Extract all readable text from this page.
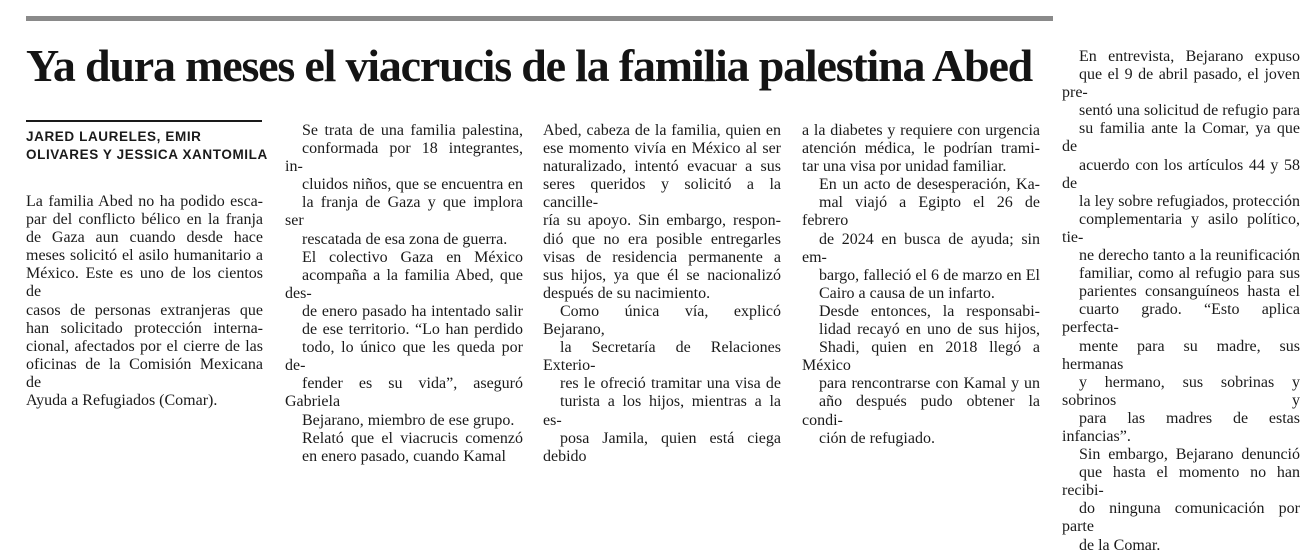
Ya dura meses el viacrucis de la familia palestina Abed
JARED LAURELES, EMIR
OLIVARES Y JESSICA XANTOMILA

La familia Abed no ha podido esca-
par del conflicto bélico en la franja
de Gaza aun cuando desde hace
meses solicitó el asilo humanitario a
México. Este es uno de los cientos de
casos de personas extranjeras que
han solicitado protección interna-
cional, afectados por el cierre de las
oficinas de la Comisión Mexicana de
Ayuda a Refugiados (Comar).

Se trata de una familia palestina,
conformada por 18 integrantes, in-
cluidos niños, que se encuentra en
la franja de Gaza y que implora ser
rescatada de esa zona de guerra.

El colectivo Gaza en México
acompaña a la familia Abed, que des-
de enero pasado ha intentado salir
de ese territorio. “Lo han perdido
todo, lo único que les queda por de-
fender es su vida”, aseguró Gabriela
Bejarano, miembro de ese grupo.

Relató que el viacrucis comenzó
en enero pasado, cuando Kamal

Abed, cabeza de la familia, quien en
ese momento vivía en México al ser
naturalizado, intentó evacuar a sus
seres queridos y solicitó a la cancille-
ría su apoyo. Sin embargo, respon-
dió que no era posible entregarles
visas de residencia permanente a
sus hijos, ya que él se nacionalizó
después de su nacimiento.

Como única vía, explicó Bejarano,
la Secretaría de Relaciones Exterio-
res le ofreció tramitar una visa de
turista a los hijos, mientras a la es-
posa Jamila, quien está ciega debido

a la diabetes y requiere con urgencia
atención médica, le podrían trami-
tar una visa por unidad familiar.

En un acto de desesperación, Ka-
mal viajó a Egipto el 26 de febrero
de 2024 en busca de ayuda; sin em-
bargo, falleció el 6 de marzo en El
Cairo a causa de un infarto.

Desde entonces, la responsabi-
lidad recayó en uno de sus hijos,
Shadi, quien en 2018 llegó a México
para rencontrarse con Kamal y un
año después pudo obtener la condi-
ción de refugiado.

En entrevista, Bejarano expuso
que el 9 de abril pasado, el joven pre-
sentó una solicitud de refugio para
su familia ante la Comar, ya que de
acuerdo con los artículos 44 y 58 de
la ley sobre refugiados, protección
complementaria y asilo político, tie-
ne derecho tanto a la reunificación
familiar, como al refugio para sus
parientes consanguíneos hasta el
cuarto grado. “Esto aplica perfecta-
mente para su madre, sus hermanas
y hermano, sus sobrinas y sobrinos y
para las madres de estas infancias”.

Sin embargo, Bejarano denunció
que hasta el momento no han recibi-
do ninguna comunicación por parte
de la Comar.
